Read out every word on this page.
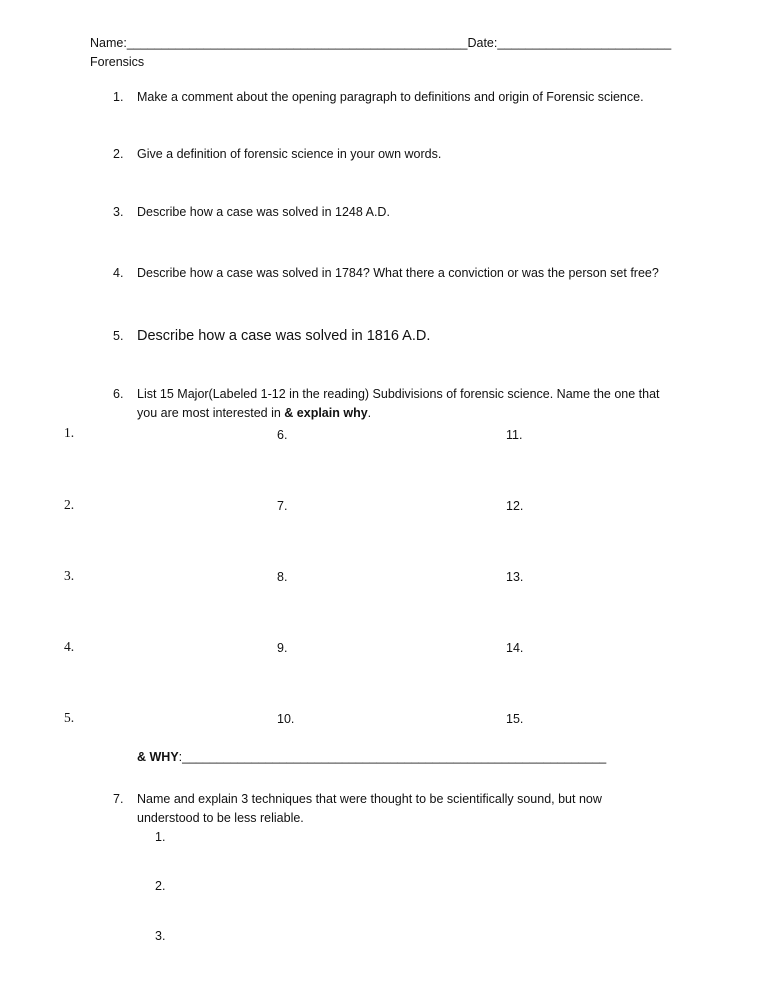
Name:_________________________________________________Date:_________________________
Forensics
1. Make a comment about the opening paragraph to definitions and origin of Forensic science.
2. Give a definition of forensic science in your own words.
3. Describe how a case was solved in 1248 A.D.
4. Describe how a case was solved in 1784? What there a conviction or was the person set free?
5. Describe how a case was solved in 1816 A.D.
6. List 15 Major(Labeled 1-12 in the reading) Subdivisions of forensic science. Name the one that
you are most interested in & explain why.
1.
2.
3.
4.
5.
6.
7.
8.
9.
10.
11.
12.
13.
14.
15.
& WHY:_____________________________________________________________
7. Name and explain 3 techniques that were thought to be scientifically sound, but now
understood to be less reliable.
1.
2.
3.
